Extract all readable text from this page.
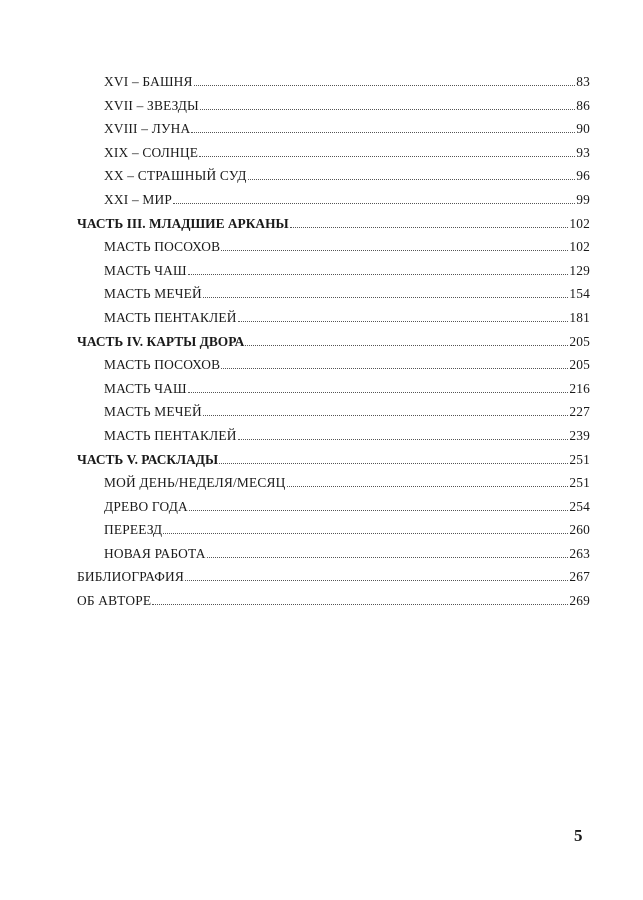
XVI – БАШНЯ	83
XVII – ЗВЕЗДЫ	86
XVIII – ЛУНА	90
XIX – СОЛНЦЕ	93
XX – СТРАШНЫЙ СУД	96
XXI – МИР	99
ЧАСТЬ III. МЛАДШИЕ АРКАНЫ	102
МАСТЬ ПОСОХОВ	102
МАСТЬ ЧАШ	129
МАСТЬ МЕЧЕЙ	154
МАСТЬ ПЕНТАКЛЕЙ	181
ЧАСТЬ IV. КАРТЫ ДВОРА	205
МАСТЬ ПОСОХОВ	205
МАСТЬ ЧАШ	216
МАСТЬ МЕЧЕЙ	227
МАСТЬ ПЕНТАКЛЕЙ	239
ЧАСТЬ V. РАСКЛАДЫ	251
МОЙ ДЕНЬ/НЕДЕЛЯ/МЕСЯЦ	251
ДРЕВО ГОДА	254
ПЕРЕЕЗД	260
НОВАЯ РАБОТА	263
БИБЛИОГРАФИЯ	267
ОБ АВТОРЕ	269
5
